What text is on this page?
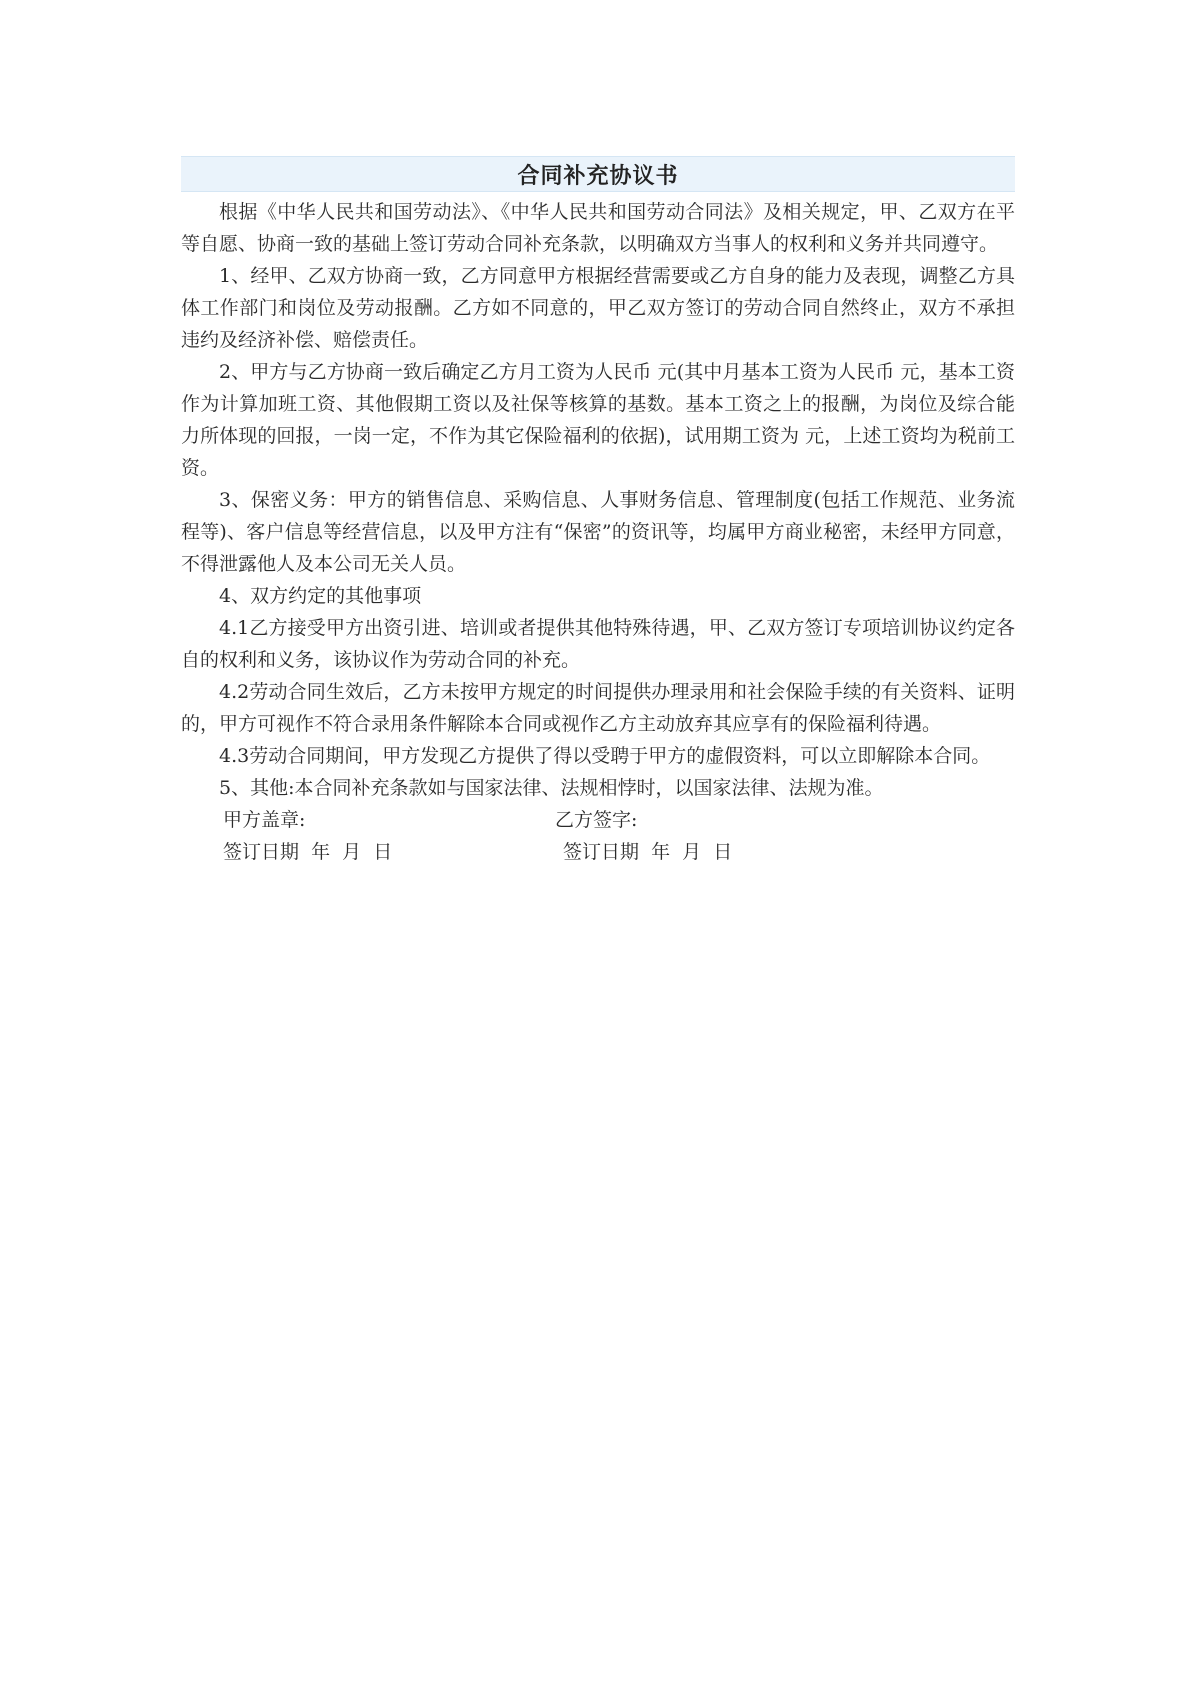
合同补充协议书

根据《中华人民共和国劳动法》、《中华人民共和国劳动合同法》及相关规定，甲、乙双方在平等自愿、协商一致的基础上签订劳动合同补充条款，以明确双方当事人的权利和义务并共同遵守。

1、经甲、乙双方协商一致，乙方同意甲方根据经营需要或乙方自身的能力及表现，调整乙方具体工作部门和岗位及劳动报酬。乙方如不同意的，甲乙双方签订的劳动合同自然终止，双方不承担违约及经济补偿、赔偿责任。

2、甲方与乙方协商一致后确定乙方月工资为人民币 元(其中月基本工资为人民币 元，基本工资作为计算加班工资、其他假期工资以及社保等核算的基数。基本工资之上的报酬，为岗位及综合能力所体现的回报，一岗一定，不作为其它保险福利的依据)，试用期工资为 元，上述工资均为税前工资。

3、保密义务：甲方的销售信息、采购信息、人事财务信息、管理制度(包括工作规范、业务流程等)、客户信息等经营信息，以及甲方注有“保密”的资讯等，均属甲方商业秘密，未经甲方同意，不得泄露他人及本公司无关人员。

4、双方约定的其他事项

4.1乙方接受甲方出资引进、培训或者提供其他特殊待遇，甲、乙双方签订专项培训协议约定各自的权利和义务，该协议作为劳动合同的补充。

4.2劳动合同生效后，乙方未按甲方规定的时间提供办理录用和社会保险手续的有关资料、证明的，甲方可视作不符合录用条件解除本合同或视作乙方主动放弃其应享有的保险福利待遇。

4.3劳动合同期间，甲方发现乙方提供了得以受聘于甲方的虚假资料，可以立即解除本合同。

5、其他:本合同补充条款如与国家法律、法规相悖时，以国家法律、法规为准。

甲方盖章:	乙方签字:
签订日期  年  月  日	签订日期  年  月  日
